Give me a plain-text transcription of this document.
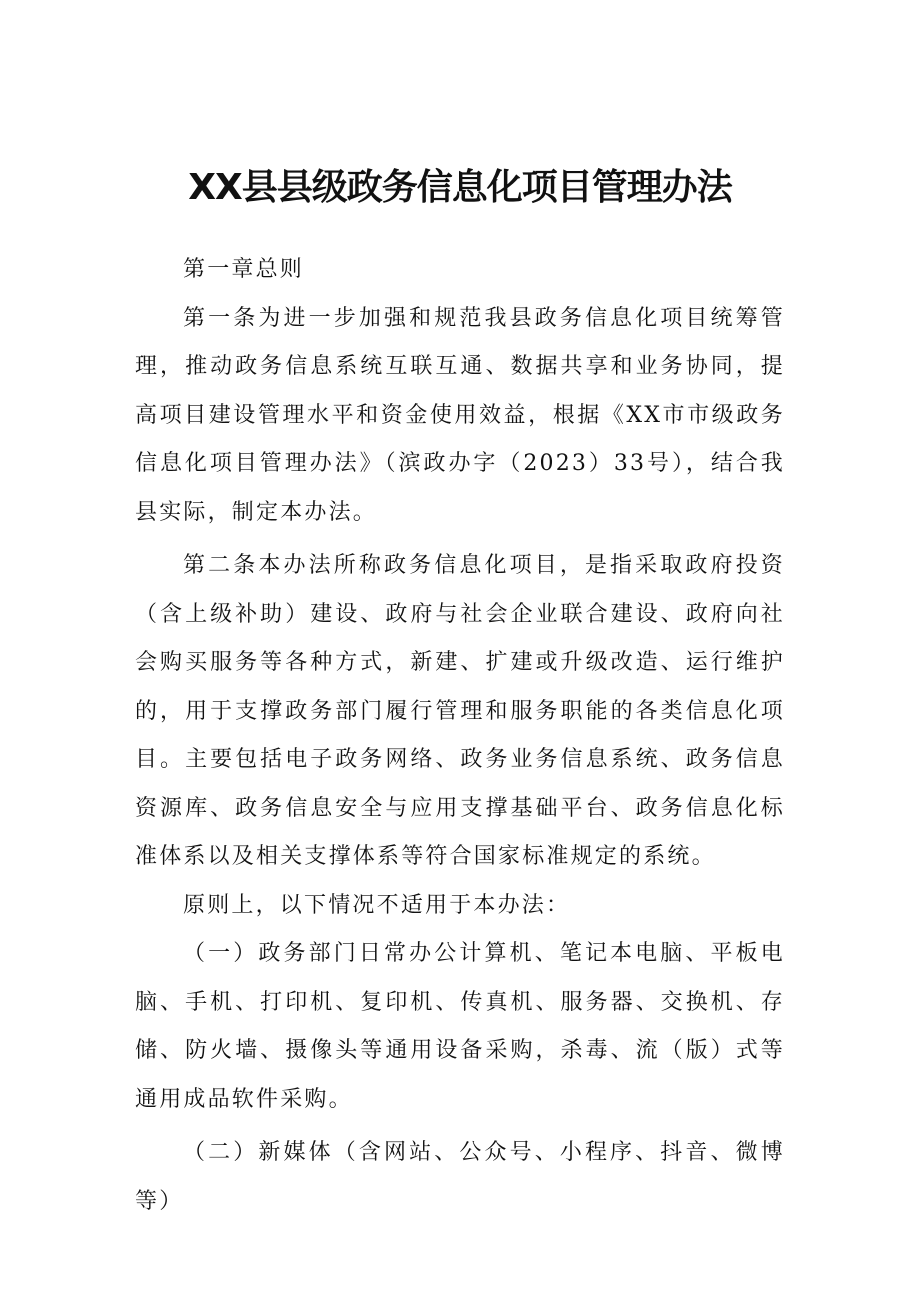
XX县县级政务信息化项目管理办法

第一章总则

第一条为进一步加强和规范我县政务信息化项目统筹管理，推动政务信息系统互联互通、数据共享和业务协同，提高项目建设管理水平和资金使用效益，根据《XX市市级政务信息化项目管理办法》（滨政办字（2023）33号），结合我县实际，制定本办法。

第二条本办法所称政务信息化项目，是指采取政府投资（含上级补助）建设、政府与社会企业联合建设、政府向社会购买服务等各种方式，新建、扩建或升级改造、运行维护的，用于支撑政务部门履行管理和服务职能的各类信息化项目。主要包括电子政务网络、政务业务信息系统、政务信息资源库、政务信息安全与应用支撑基础平台、政务信息化标准体系以及相关支撑体系等符合国家标准规定的系统。

原则上，以下情况不适用于本办法：

（一）政务部门日常办公计算机、笔记本电脑、平板电脑、手机、打印机、复印机、传真机、服务器、交换机、存储、防火墙、摄像头等通用设备采购，杀毒、流（版）式等通用成品软件采购。

（二）新媒体（含网站、公众号、小程序、抖音、微博等）
